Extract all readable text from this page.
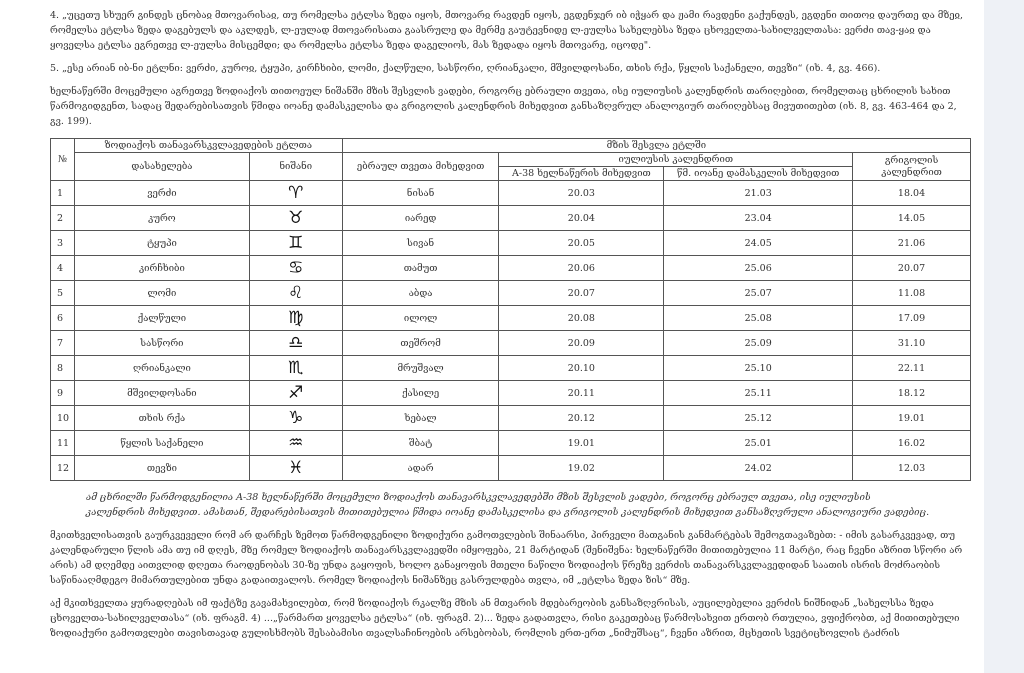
4. „უცეთუ სხუერ გინდეს ცნობაჲ მთოვარისაჲ, თუ რომელსა ეტლსა ზედა იყოს, მთოვარჲ რავდენ იყოს, ეგდენჯერ იბ იჭყარ და ჟამი რავდენი გაქუნდეს, ეგდენი თითოჲ დაურთე და მზეჲ, რომელსა ეტლსა ზედა დაგებულს და აკლდეს, ლ-ეულად მთოვარისათა გაასრულე და მერმე გაუტევნიდე ლ-ეულსა სახელებსა ზედა ცხოველთა-სახილველთასა: ვერძი თავ-ყაჲ და ყოველსა ეტლსა ეგრეთვე ლ-ეულსა მისცემდი; და რომელსა ეტლსა ზედა დაგელიოს, მას ზედადა იყოს მთოვარე, იცოდე".

5. „ესე არიან იბ-ნი ეტლნი: ვერძი, კუროჲ, ტყუპი, კირჩხიბი, ლომი, ქალწული, სასწორი, ღრიანკალი, მშვილდოსანი, თხის რქა, წყლის საქანელი, თევზი“ (იხ. 4, გვ. 466).

ხელნაწერში მოცემული აგრეთვე ზოდიაქოს თითოეულ ნიშანში მზის შესვლის ვადები, როგორც ებრაული თვეთა, ისე იულიუსის კალენდრის თარიღებით, რომელთაც ცხრილის სახით წარმოგიდგენთ, სადაც შედარებისათვის წმიდა იოანე დამასკელისა და გრიგოლის კალენდრის მიხედვით განსაზღვრულ ანალოგიურ თარიღებსაც მივუთითებთ (იხ. 8, გვ. 463-464 და 2, გვ. 199).

№	ზოდიაქოს თანავარსკვლავედების ეტლთა		მზის შესვლა ეტლში			
	დასახელება	ნიშანი	ებრაულ თვეთა მიხედვით	იულიუსის კალენდრით		გრიგოლის კალენდრით
				A-38 ხელნაწერის მიხედვით	წმ. იოანე დამასკელის მიხედვით	

1	ვერძი	♈	ნისან	20.03	21.03	18.04
2	კურო	♉	იარედ	20.04	23.04	14.05
3	ტყუპი	♊	სივან	20.05	24.05	21.06
4	კირჩხიბი	♋	თამუთ	20.06	25.06	20.07
5	ლომი	♌	აბდა	20.07	25.07	11.08
6	ქალწული	♍	ილოლ	20.08	25.08	17.09
7	სასწორი	♎	თეშრომ	20.09	25.09	31.10
8	ღრიანკალი	♏	მრუშვალ	20.10	25.10	22.11
9	მშვილდოსანი	♐	ქასილე	20.11	25.11	18.12
10	თხის რქა	♑	ხებალ	20.12	25.12	19.01
11	წყლის საქანელი	♒	შბატ	19.01	25.01	16.02
12	თევზი	♓	ადარ	19.02	24.02	12.03

ამ ცხრილში წარმოდგენილია A-38 ხელნაწერში მოცემული ზოდიაქოს თანავარსკვლავედებში მზის შესვლის ვადები, როგორც ებრაულ თვეთა, ისე იულიუსის კალენდრის მიხედვით. ამასთან, შედარებისათვის მითითებულია წმიდა იოანე დამასკელისა და გრიგოლის კალენდრის მიხედვით განსაზღვრული ანალოგიური ვადებიც.

მკითხველისათვის გაურკვეველი რომ არ დარჩეს ზემოთ წარმოდგენილი ზოდიქური გამოთვლების შინაარსი, პირველი მათგანის განმარტებას შემოგთავაზებთ: - იმის გასარკვევად, თუ კალენდარული წლის ამა თუ იმ დღეს, მზე რომელ ზოდიაქოს თანავარსკვლავედში იმყოფება, 21 მარტიდან (შენიშვნა: ხელნაწერში მითითებულია 11 მარტი, რაც ჩვენი აზრით სწორი არ არის) ამ დღემდე აითვლიდ დღეთა რაოდენობას 30-ზე უნდა გაყოფის, ხოლო განაყოფის მთელი ნაწილი ზოდიაქოს წრეზე ვერძის თანავარსკვლავედიდან საათის ისრის მოძრაობის საწინააღმდეგო მიმართულებით უნდა გადაითვალოს. რომელ ზოდიაქოს ნიშანზეც გასრულდება თვლა, იმ „ეტლსა ზედა ზის“ მზე.

აქ მკითხველთა ყურადღებას იმ ფაქტზე გავამახვილებთ, რომ ზოდიაქოს რკალზე მზის ან მთვარის მდებარეობის განსაზღვრისას, აუცილებელია ვერძის ნიშნიდან „სახელსსა ზედა ცხოველთა-სახილველთასა“ (იხ. ფრაგმ. 4) ...„წარმართ ყოველსა ეტლსა“ (იხ. ფრაგმ. 2)... ზედა გადათვლა, რისი გაკეთებაც წარმოსახვით ერთობ რთულია, ვფიქრობთ, აქ მითითებული ზოდიაქური გამოთვლები თავისთავად გულისხმობს შესაბამისი თვალსაჩინოების არსებობას, რომლის ერთ-ერთ „ნიმუშსაც“, ჩვენი აზრით, მცხეთის სვეტიცხოვლის ტაძრის
